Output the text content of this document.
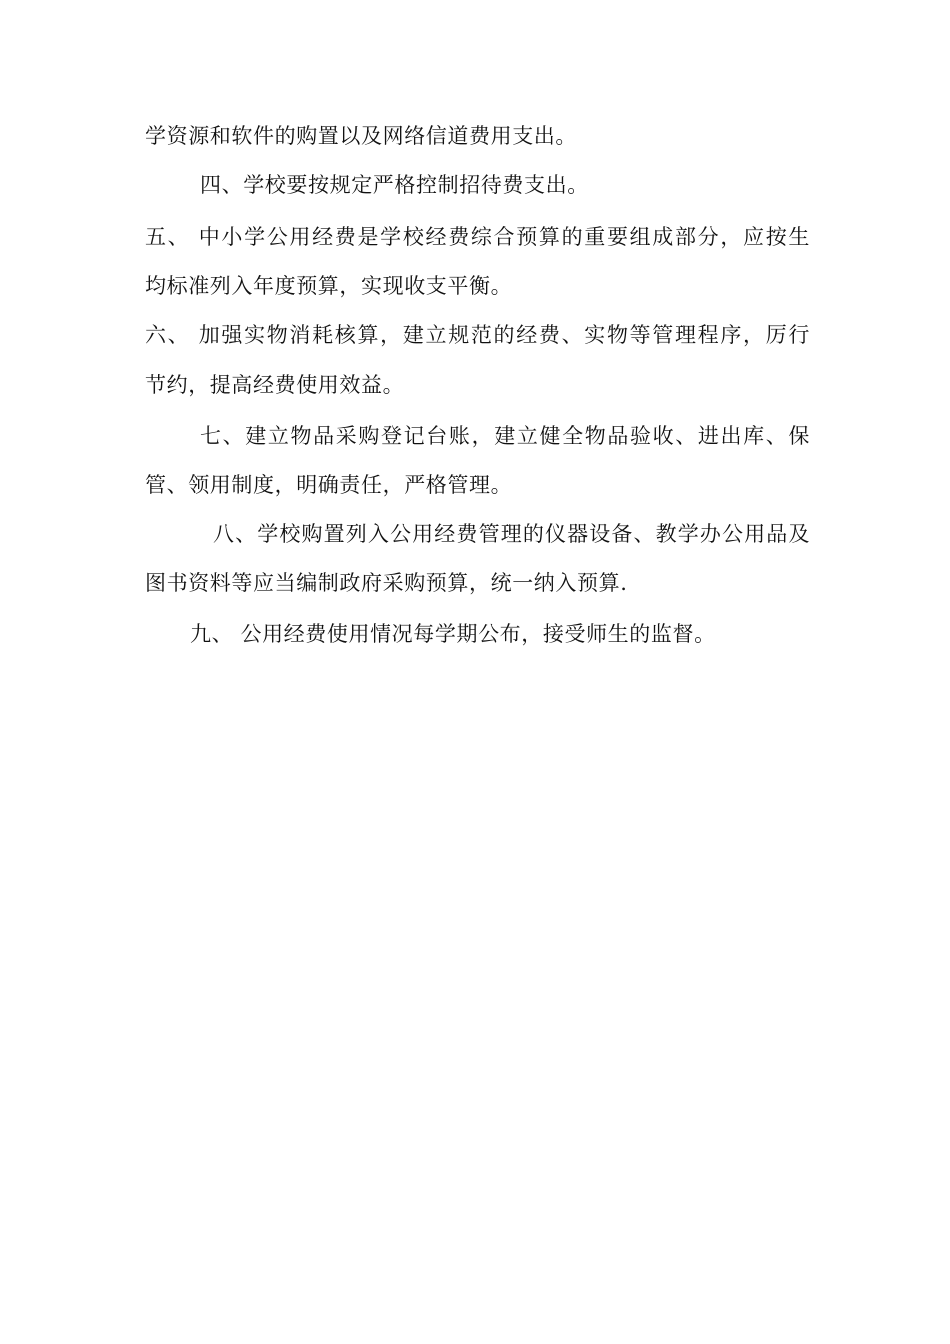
学资源和软件的购置以及网络信道费用支出。

四、学校要按规定严格控制招待费支出。

五、 中小学公用经费是学校经费综合预算的重要组成部分，应按生

均标准列入年度预算，实现收支平衡。

六、 加强实物消耗核算，建立规范的经费、实物等管理程序，厉行

节约，提高经费使用效益。

七、建立物品采购登记台账，建立健全物品验收、进出库、保

管、领用制度，明确责任，严格管理。

八、学校购置列入公用经费管理的仪器设备、教学办公用品及

图书资料等应当编制政府采购预算，统一纳入预算.

九、 公用经费使用情况每学期公布，接受师生的监督。
